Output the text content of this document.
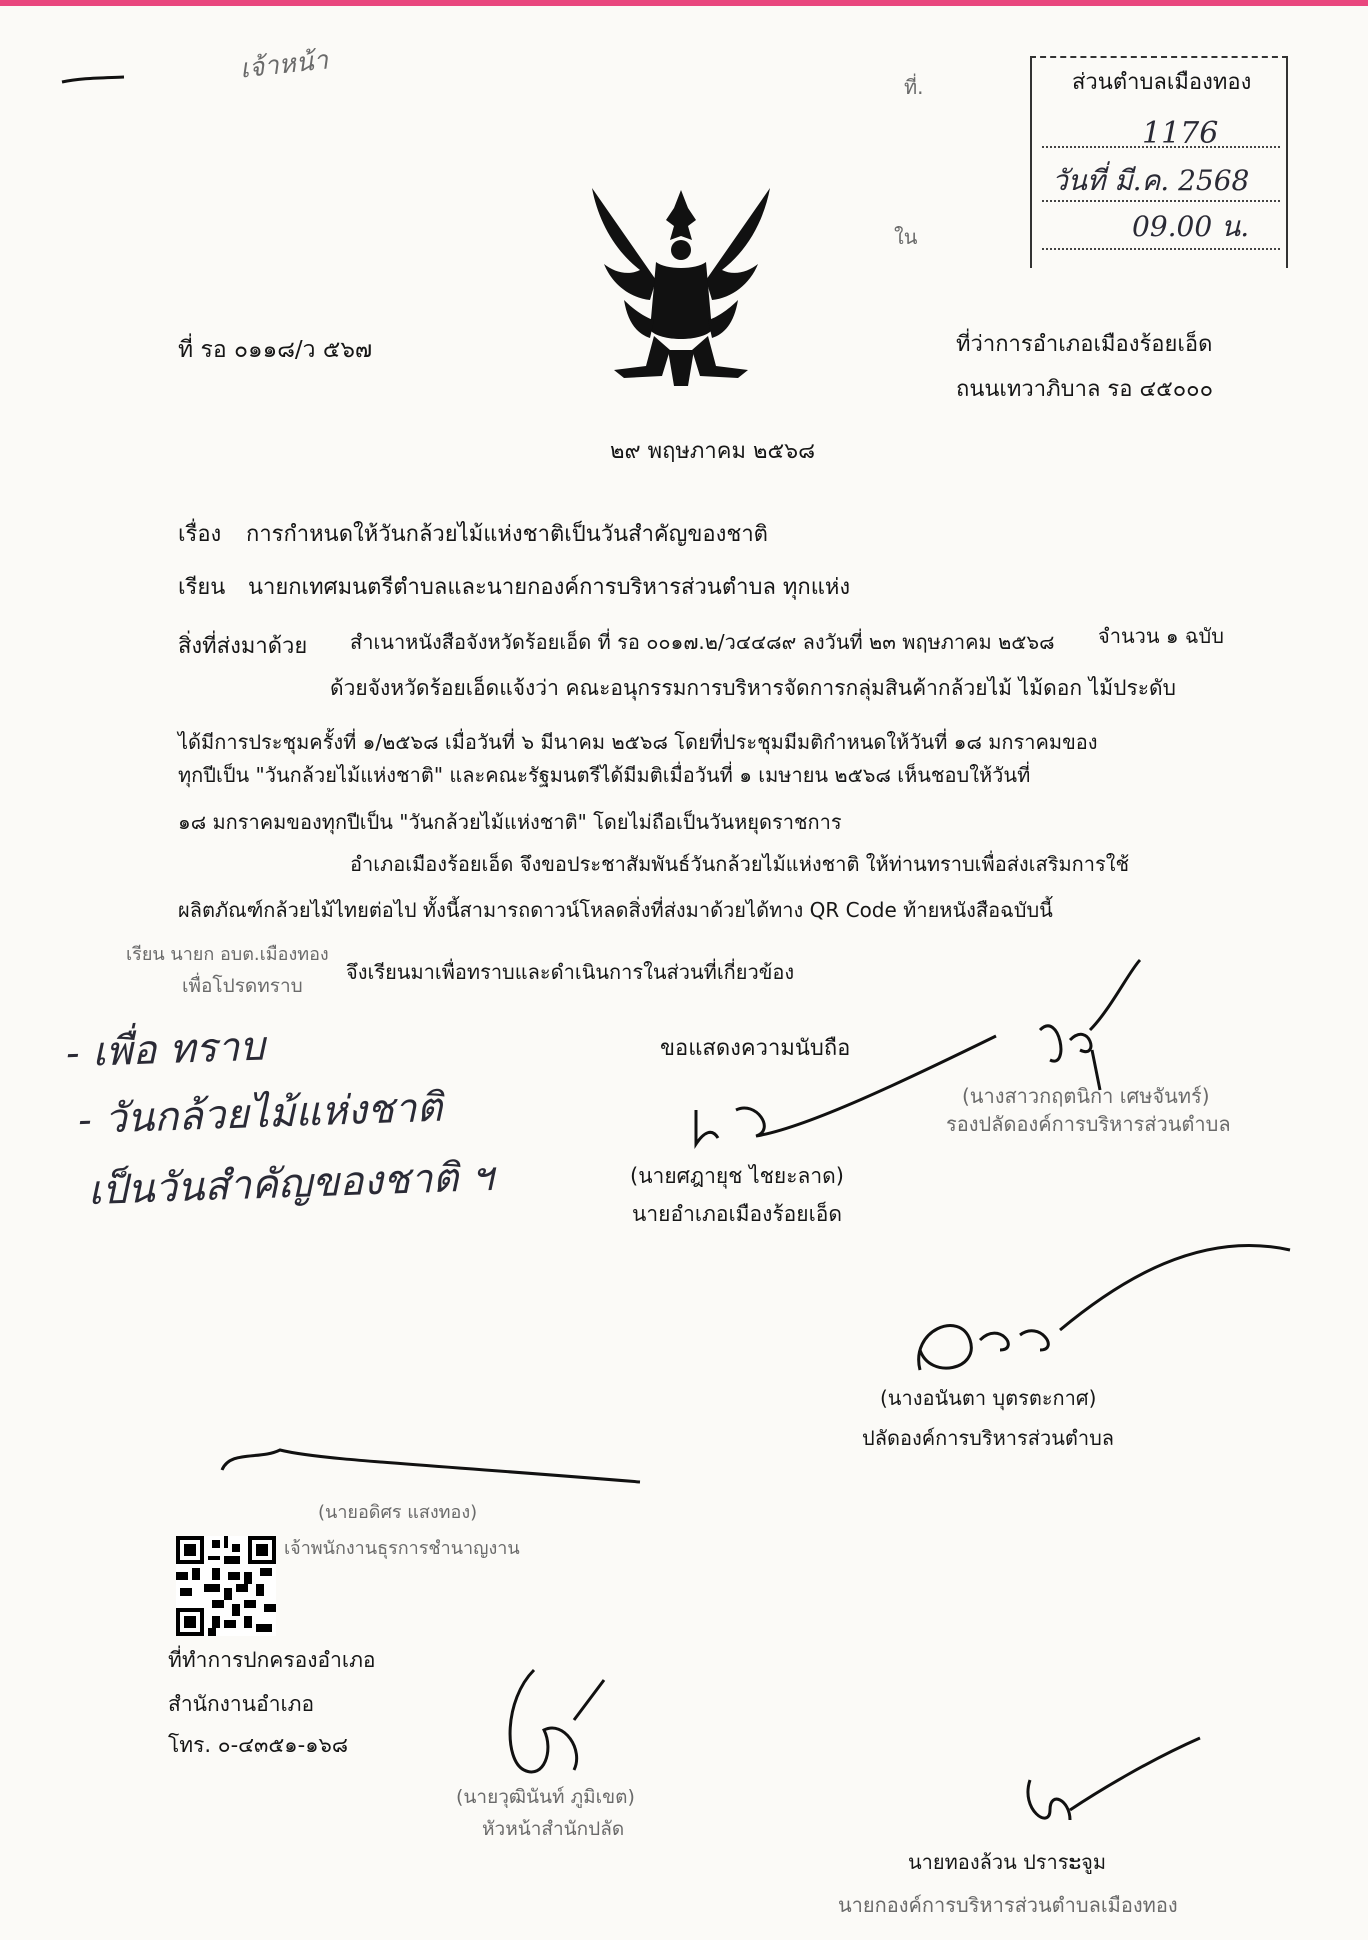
เจ้าหน้า	ส่วนตำบลเมืองทอง
1176
วันที่ มี.ค. 2568
09.00 น.
ที่.
ใน
ที่ รอ ๐๑๑๘/ว ๕๖๗	ที่ว่าการอำเภอเมืองร้อยเอ็ด
ถนนเทวาภิบาล รอ ๔๕๐๐๐
๒๙ พฤษภาคม ๒๕๖๘
เรื่อง การกำหนดให้วันกล้วยไม้แห่งชาติเป็นวันสำคัญของชาติ
เรียน นายกเทศมนตรีตำบลและนายกองค์การบริหารส่วนตำบล ทุกแห่ง
สิ่งที่ส่งมาด้วย สำเนาหนังสือจังหวัดร้อยเอ็ด ที่ รอ ๐๐๑๗.๒/ว๔๔๘๙ ลงวันที่ ๒๓ พฤษภาคม ๒๕๖๘ จำนวน ๑ ฉบับ
ด้วยจังหวัดร้อยเอ็ดแจ้งว่า คณะอนุกรรมการบริหารจัดการกลุ่มสินค้ากล้วยไม้ ไม้ดอก ไม้ประดับ
ได้มีการประชุมครั้งที่ ๑/๒๕๖๘ เมื่อวันที่ ๖ มีนาคม ๒๕๖๘ โดยที่ประชุมมีมติกำหนดให้วันที่ ๑๘ มกราคมของ
ทุกปีเป็น "วันกล้วยไม้แห่งชาติ" และคณะรัฐมนตรีได้มีมติเมื่อวันที่ ๑ เมษายน ๒๕๖๘ เห็นชอบให้วันที่
๑๘ มกราคมของทุกปีเป็น "วันกล้วยไม้แห่งชาติ" โดยไม่ถือเป็นวันหยุดราชการ
อำเภอเมืองร้อยเอ็ด จึงขอประชาสัมพันธ์วันกล้วยไม้แห่งชาติ ให้ท่านทราบเพื่อส่งเสริมการใช้
ผลิตภัณฑ์กล้วยไม้ไทยต่อไป ทั้งนี้สามารถดาวน์โหลดสิ่งที่ส่งมาด้วยได้ทาง QR Code ท้ายหนังสือฉบับนี้
เรียน นายก อบต.เมืองทอง
เพื่อโปรดทราบ
จึงเรียนมาเพื่อทราบและดำเนินการในส่วนที่เกี่ยวข้อง
ขอแสดงความนับถือ
- เพื่อ ทราบ
- วันกล้วยไม้แห่งชาติ
เป็นวันสำคัญของชาติ ฯ	(นายศฎายุช ไชยะลาด)
นายอำเภอเมืองร้อยเอ็ด
(นางสาวกฤตนิกา เศษจันทร์)
รองปลัดองค์การบริหารส่วนตำบล
(นางอนันตา บุตรตะกาศ)
ปลัดองค์การบริหารส่วนตำบล
(นายอดิศร แสงทอง)
เจ้าพนักงานธุรการชำนาญงาน
ที่ทำการปกครองอำเภอ
สำนักงานอำเภอ
โทร. ๐-๔๓๕๑-๑๖๘
(นายวุฒินันท์ ภูมิเขต)
หัวหน้าสำนักปลัด
นายทองล้วน ปรารະจูม
นายกองค์การบริหารส่วนตำบลเมืองทอง
